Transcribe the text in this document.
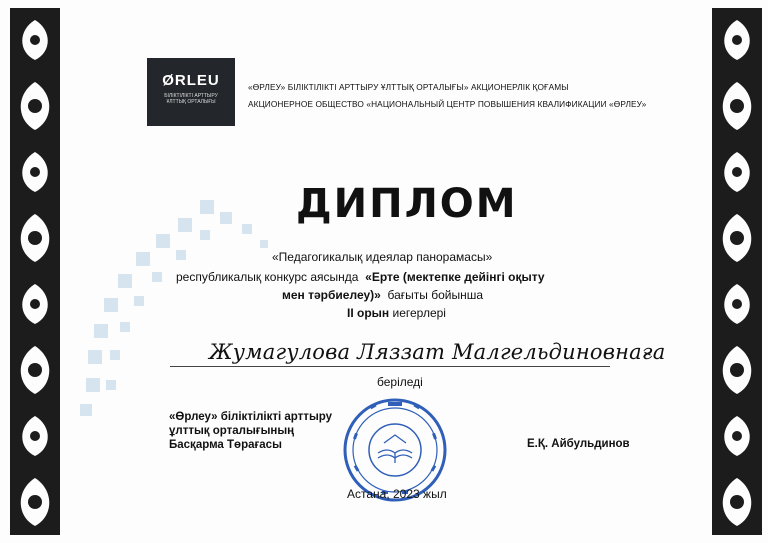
ØRLEU
БІЛІКТІЛІКТІ АРТТЫРУ
ҰЛТТЫҚ ОРТАЛЫҒЫ
«ӨРЛЕУ» БІЛІКТІЛІКТІ АРТТЫРУ ҰЛТТЫҚ ОРТАЛЫҒЫ» АКЦИОНЕРЛІК ҚОҒАМЫ
АКЦИОНЕРНОЕ ОБЩЕСТВО «НАЦИОНАЛЬНЫЙ ЦЕНТР ПОВЫШЕНИЯ КВАЛИФИКАЦИИ «ӨРЛЕУ»
ДИПЛОМ
«Педагогикалық идеялар панорамасы»
республикалық конкурс аясында «Ерте (мектепке дейінгі оқыту
мен тәрбиелеу)» бағыты бойынша
ІІ орын иегерлері
Жумагулова Ляззат Малгельдиновнаға
беріледі
«Өрлеу» біліктілікті арттыру
ұлттық орталығының
Басқарма Төрағасы	Е.Қ. Айбульдинов
Астана, 2023 жыл
